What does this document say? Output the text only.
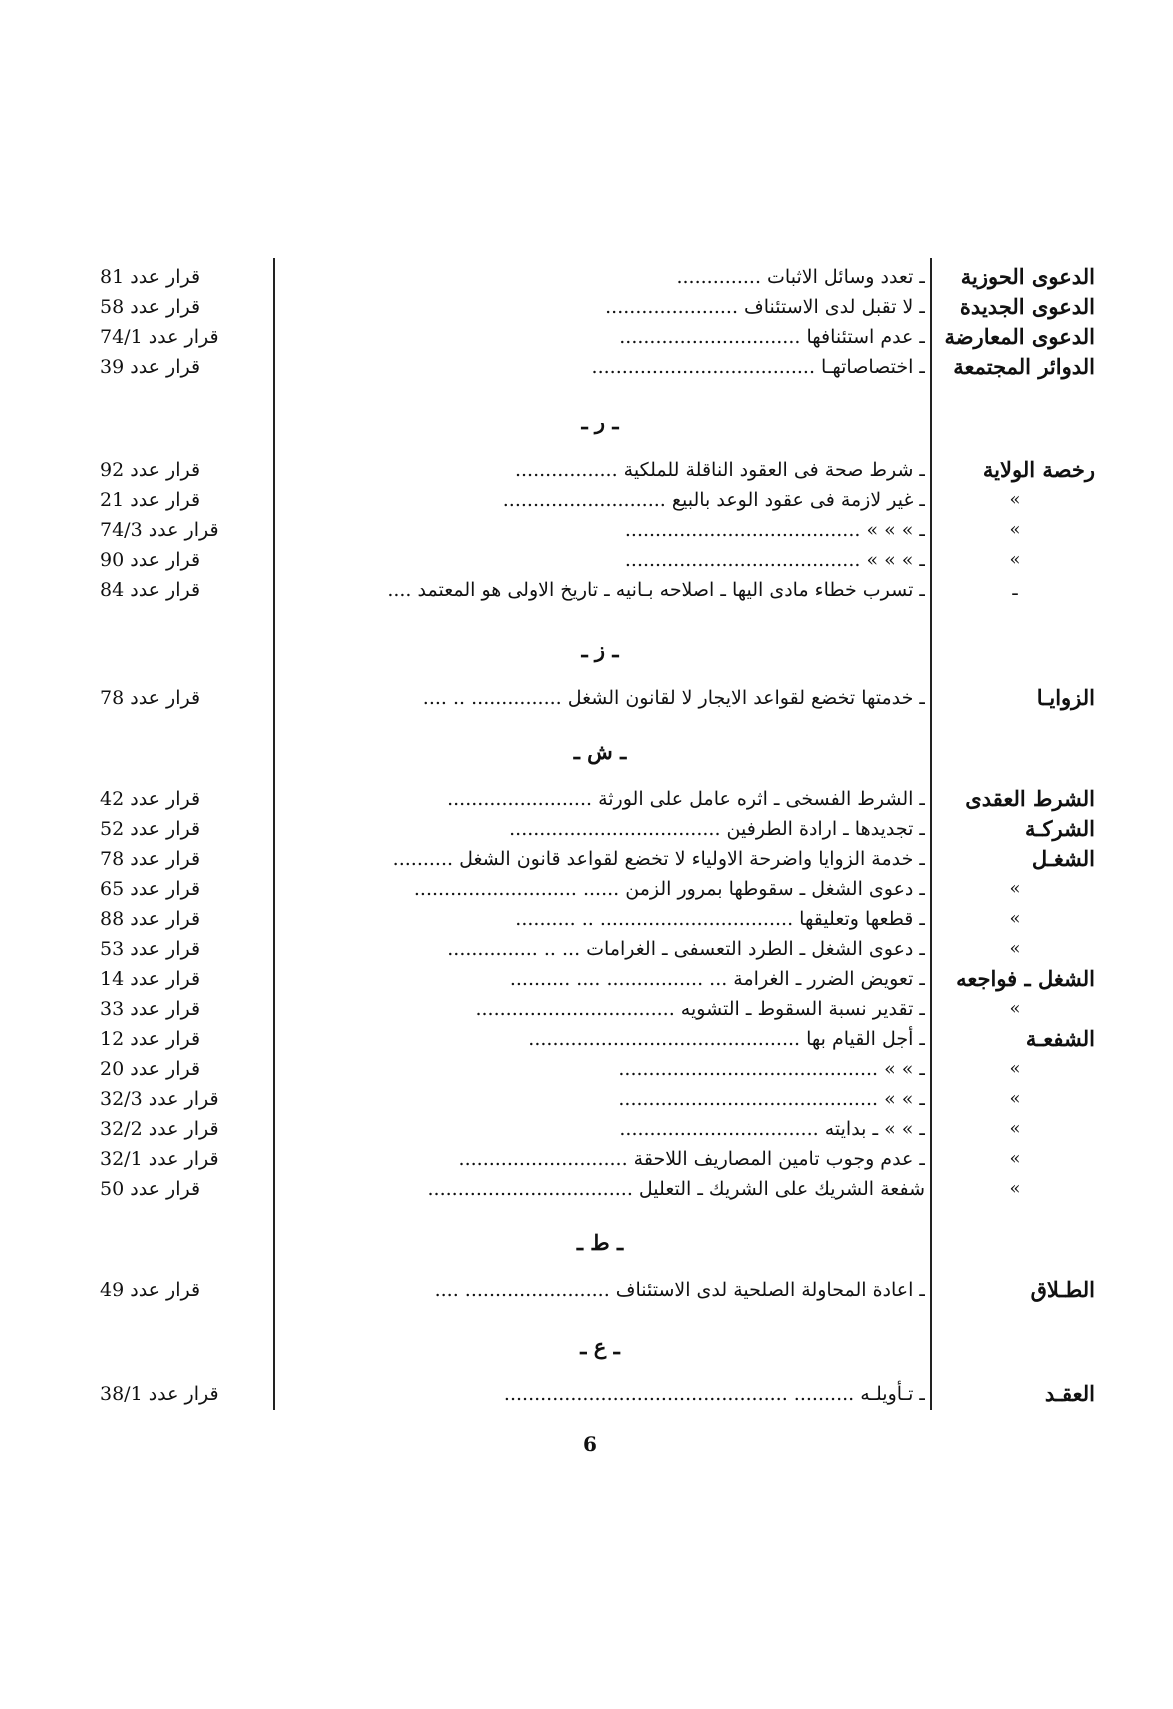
الدعوى الحوزية
ـ تعدد وسائل الاثبات ..............
قرار عدد 81
الدعوى الجديدة
ـ لا تقبل لدى الاستئناف ......................
قرار عدد 58
الدعوى المعارضة
ـ عدم استئنافها ..............................
قرار عدد 74/1
الدوائر المجتمعة
ـ اختصاصاتهـا .....................................
قرار عدد 39
ـ ر ـ
رخصة الولاية
ـ شرط صحة فى العقود الناقلة للملكية .................
قرار عدد 92
»
ـ غير لازمة فى عقود الوعد بالبيع ...........................
قرار عدد 21
»
ـ » » » .......................................
قرار عدد 74/3
»
ـ » » » .......................................
قرار عدد 90
ـ
ـ تسرب خطاء مادى اليها ـ اصلاحه بـانيه ـ تاريخ الاولى هو المعتمد ....
قرار عدد 84
ـ ز ـ
الزوايـا
ـ خدمتها تخضع لقواعد الايجار لا لقانون الشغل ............... .. ....
قرار عدد 78
ـ ش ـ
الشرط العقدى
ـ الشرط الفسخى ـ اثره عامل على الورثة ........................
قرار عدد 42
الشركـة
ـ تجديدها ـ ارادة الطرفين ...................................
قرار عدد 52
الشغـل
ـ خدمة الزوايا واضرحة الاولياء لا تخضع لقواعد قانون الشغل ..........
قرار عدد 78
»
ـ دعوى الشغل ـ سقوطها بمرور الزمن ...... ...........................
قرار عدد 65
»
ـ قطعها وتعليقها ................................ .. ..........
قرار عدد 88
»
ـ دعوى الشغل ـ الطرد التعسفى ـ الغرامات ... .. ...............
قرار عدد 53
الشغل ـ فواجعه
ـ تعويض الضرر ـ الغرامة ... ................ .... ..........
قرار عدد 14
»
ـ تقدير نسبة السقوط ـ التشويه .................................
قرار عدد 33
الشفعـة
ـ أجل القيام بها .............................................
قرار عدد 12
»
ـ » » ...........................................
قرار عدد 20
»
ـ » » ...........................................
قرار عدد 32/3
»
ـ » » ـ بدايته .................................
قرار عدد 32/2
»
ـ عدم وجوب تامين المصاريف اللاحقة ............................
قرار عدد 32/1
»
شفعة الشريك على الشريك ـ التعليل ..................................
قرار عدد 50
ـ ط ـ
الطـلاق
ـ اعادة المحاولة الصلحية لدى الاستئناف ........................ ....
قرار عدد 49
ـ ع ـ
العقـد
ـ تـأويلـه .......... ...............................................
قرار عدد 38/1
6
